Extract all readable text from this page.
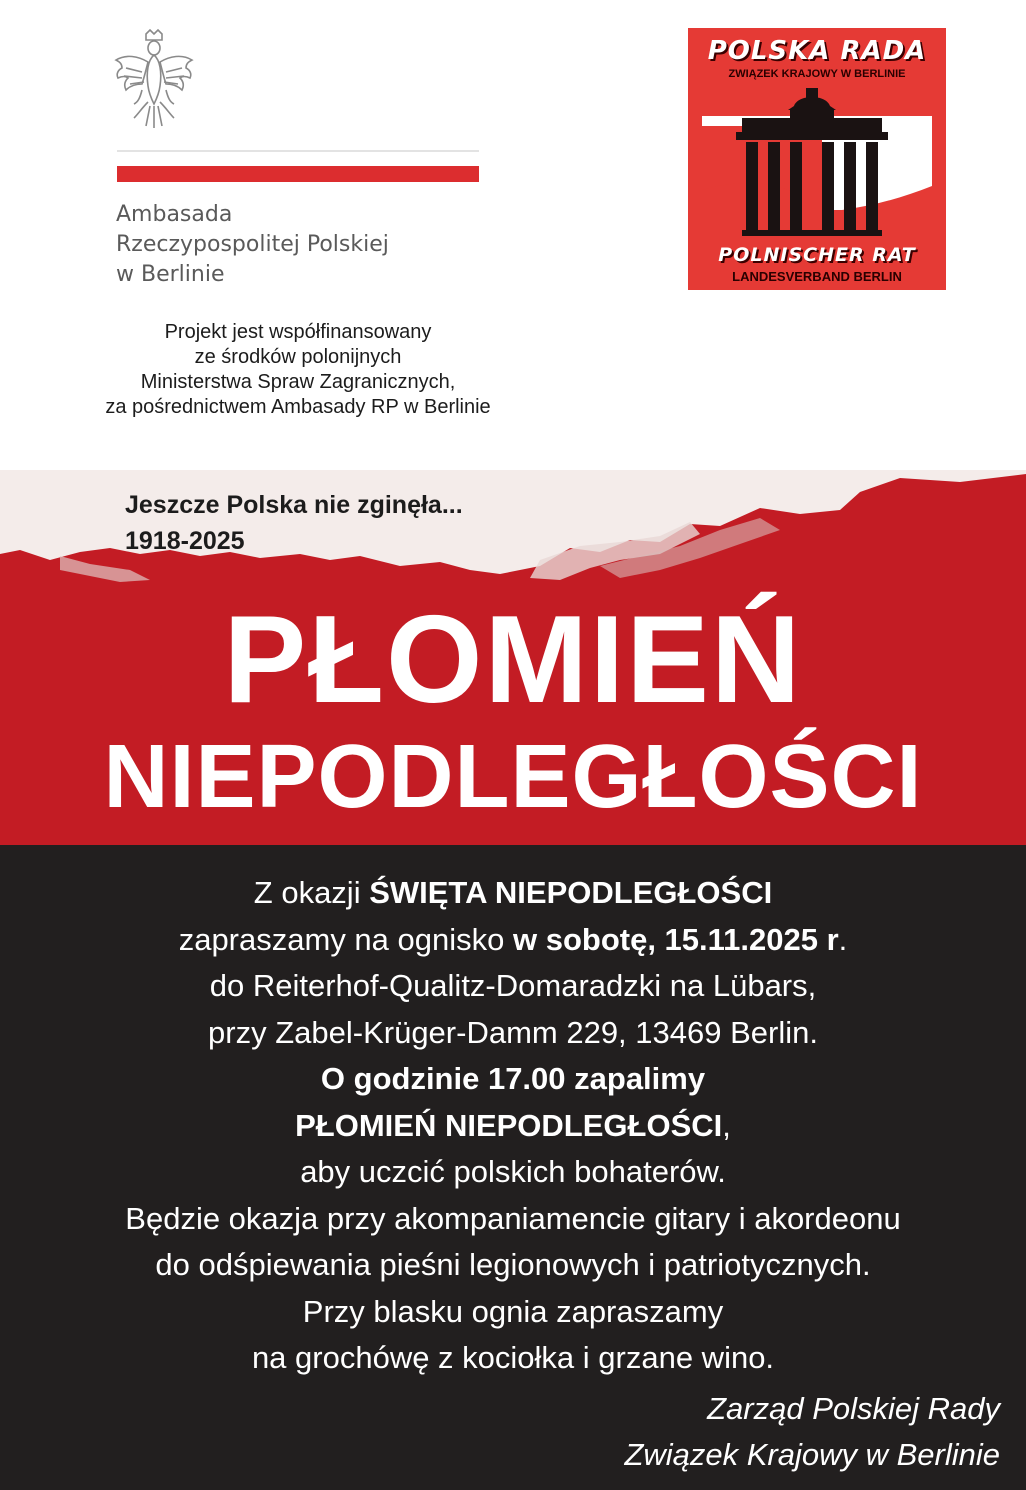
Ambasada
Rzeczypospolitej Polskiej
w Berlinie
Projekt jest współfinansowany
ze środków polonijnych
Ministerstwa Spraw Zagranicznych,
za pośrednictwem Ambasady RP w Berlinie
POLSKA RADA
ZWIĄZEK KRAJOWY W BERLINIE
POLNISCHER RAT
LANDESVERBAND BERLIN
Jeszcze Polska nie zginęła...
1918-2025
PŁOMIEŃ
NIEPODLEGŁOŚCI
Z okazji ŚWIĘTA NIEPODLEGŁOŚCI
zapraszamy na ognisko w sobotę, 15.11.2025 r.
do Reiterhof-Qualitz-Domaradzki na Lübars,
przy Zabel-Krüger-Damm 229, 13469 Berlin.
O godzinie 17.00 zapalimy
PŁOMIEŃ NIEPODLEGŁOŚCI,
aby uczcić polskich bohaterów.
Będzie okazja przy akompaniamencie gitary i akordeonu
do odśpiewania pieśni legionowych i patriotycznych.
Przy blasku ognia zapraszamy
na grochówę z kociołka i grzane wino.
Zarząd Polskiej Rady
Związek Krajowy w Berlinie
